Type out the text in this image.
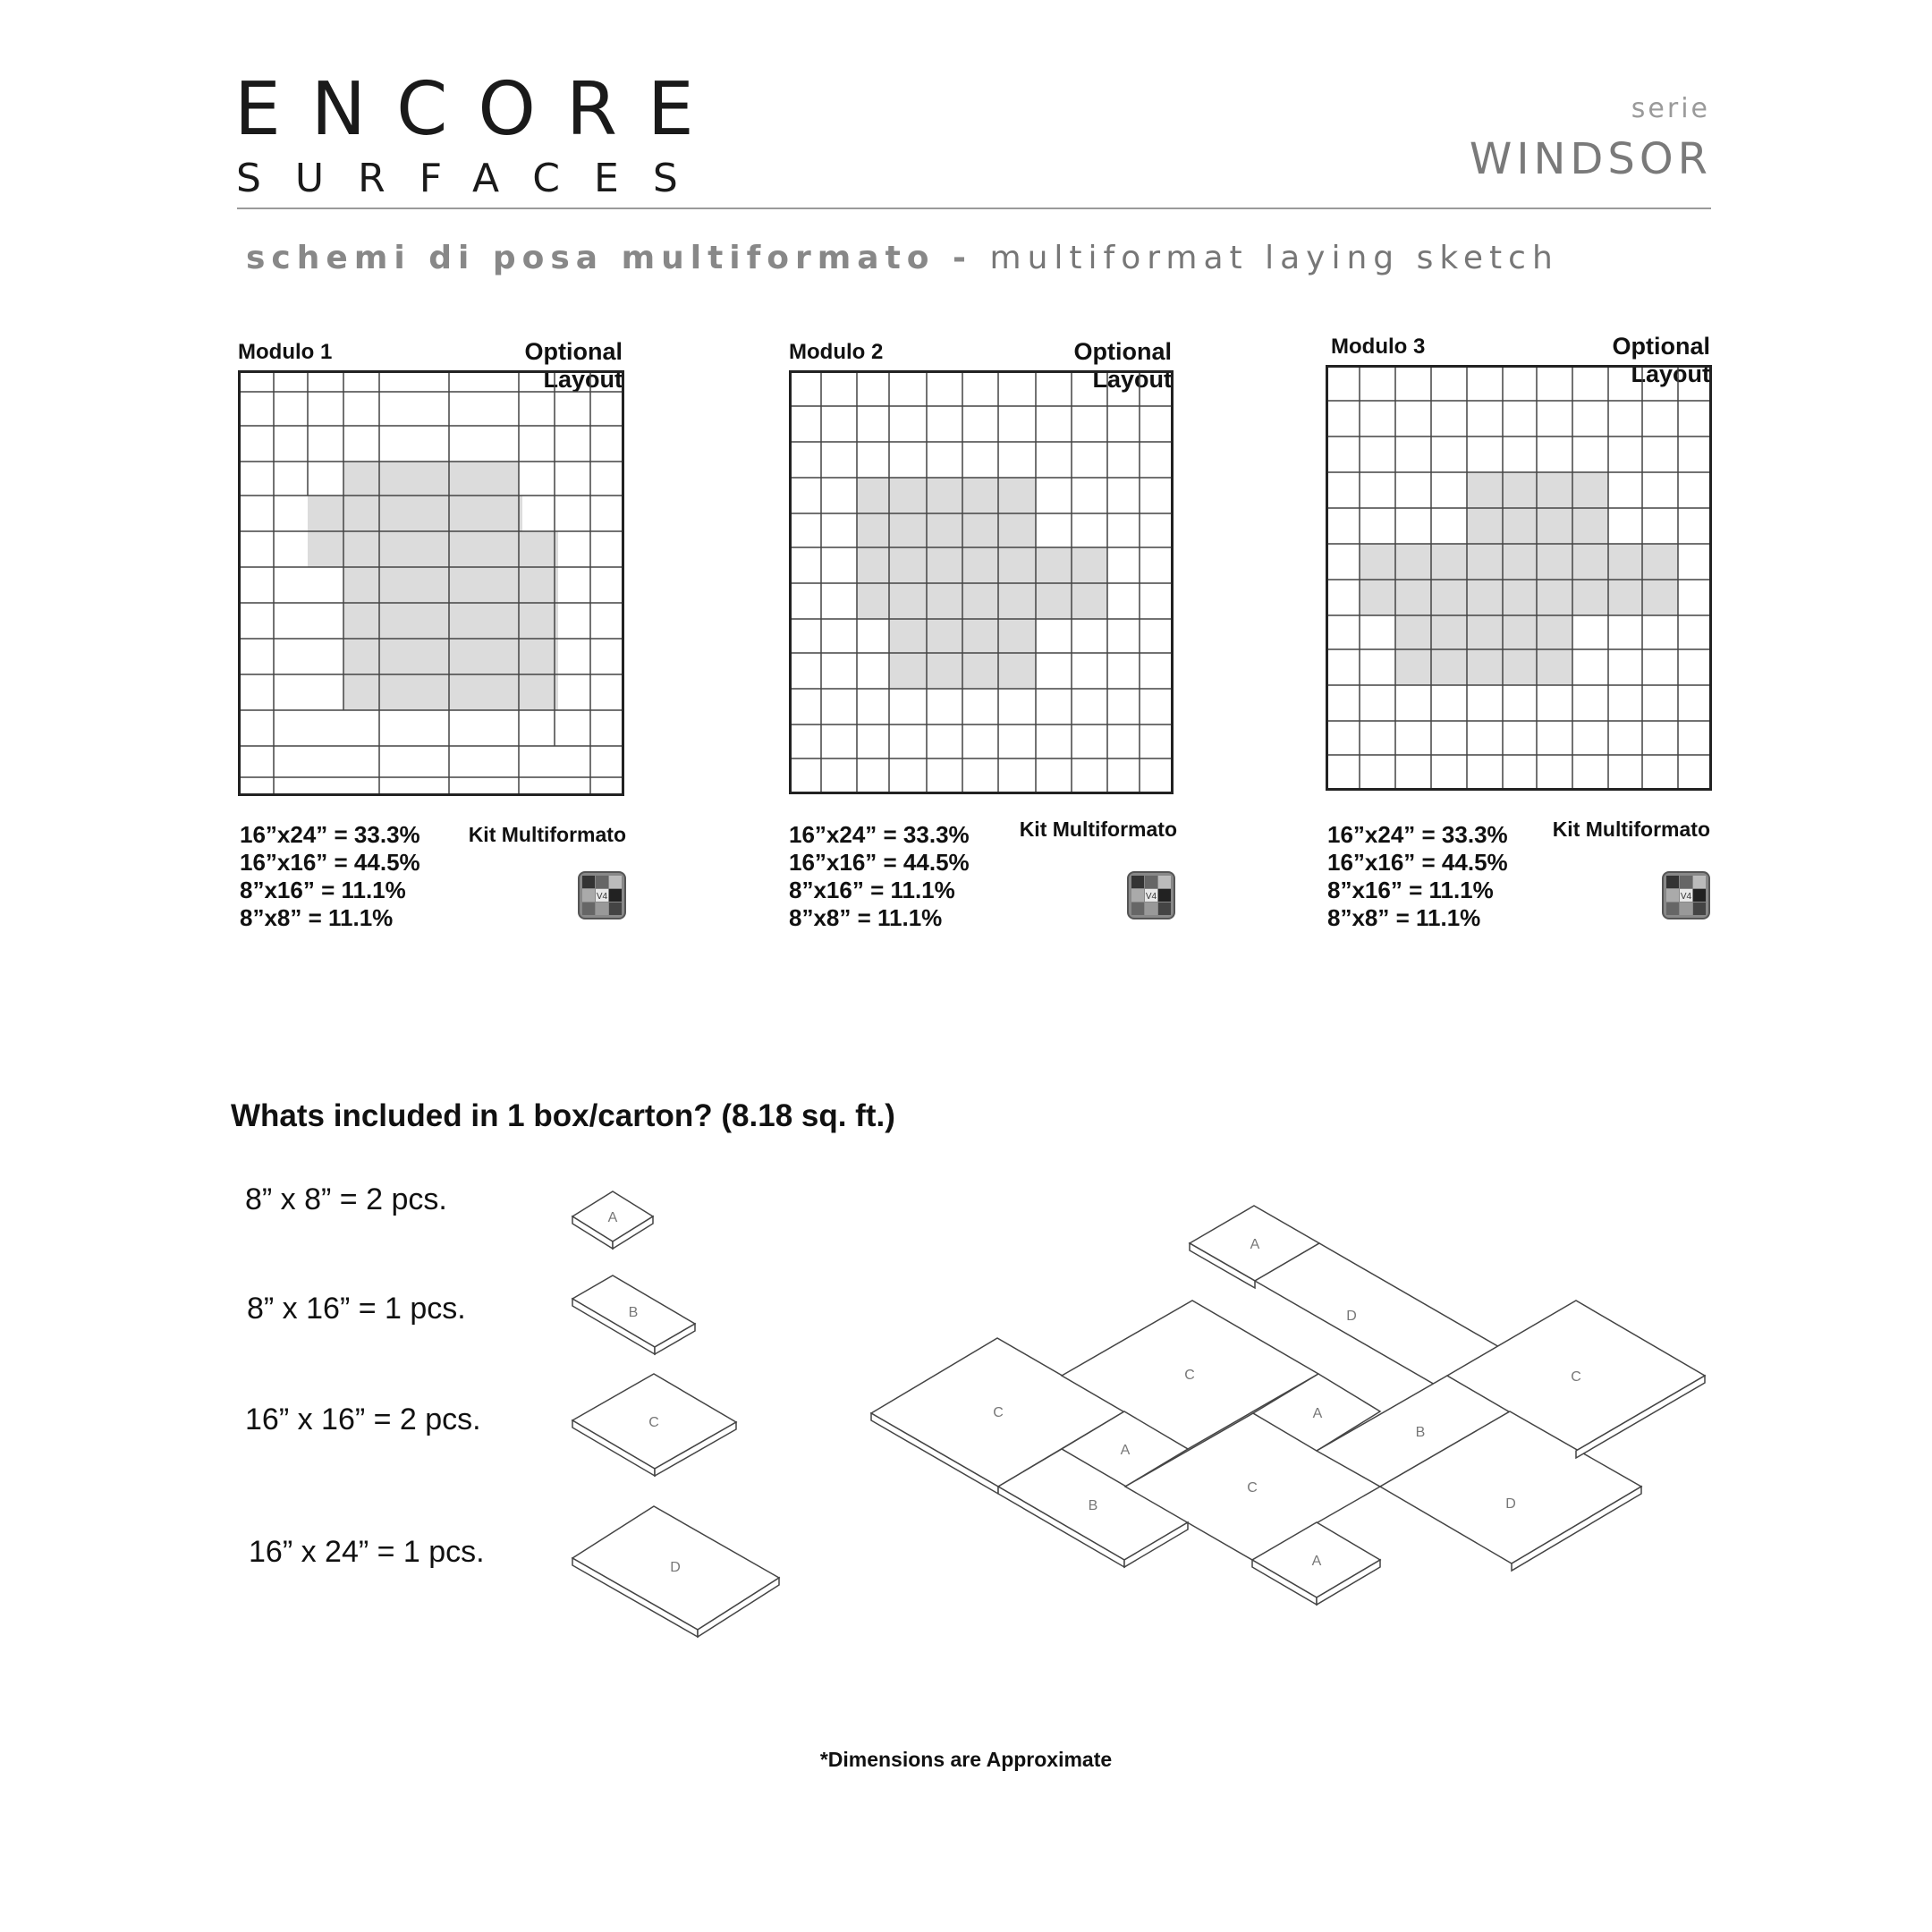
ENCORE
SURFACES
serie
WINDSOR
schemi di posa multiformato - multiformat laying sketch
Modulo 1	Optional Layout
16”x24” = 33.3%
16”x16” = 44.5%
8”x16” = 11.1%
8”x8” = 11.1%
Kit Multiformato
V4
Modulo 2	Optional Layout
16”x24” = 33.3%
16”x16” = 44.5%
8”x16” = 11.1%
8”x8” = 11.1%
Kit Multiformato
V4
Modulo 3	Optional Layout
16”x24” = 33.3%
16”x16” = 44.5%
8”x16” = 11.1%
8”x8” = 11.1%
Kit Multiformato
V4
Whats included in 1 box/carton? (8.18 sq. ft.)
8” x 8” = 2 pcs.
8” x 16” = 1 pcs.
16” x 16” = 2 pcs.
16” x 24” = 1 pcs.
A
B
C
D
C
A
D
C
A
B
C
A
B
C
D
A
*Dimensions are Approximate
